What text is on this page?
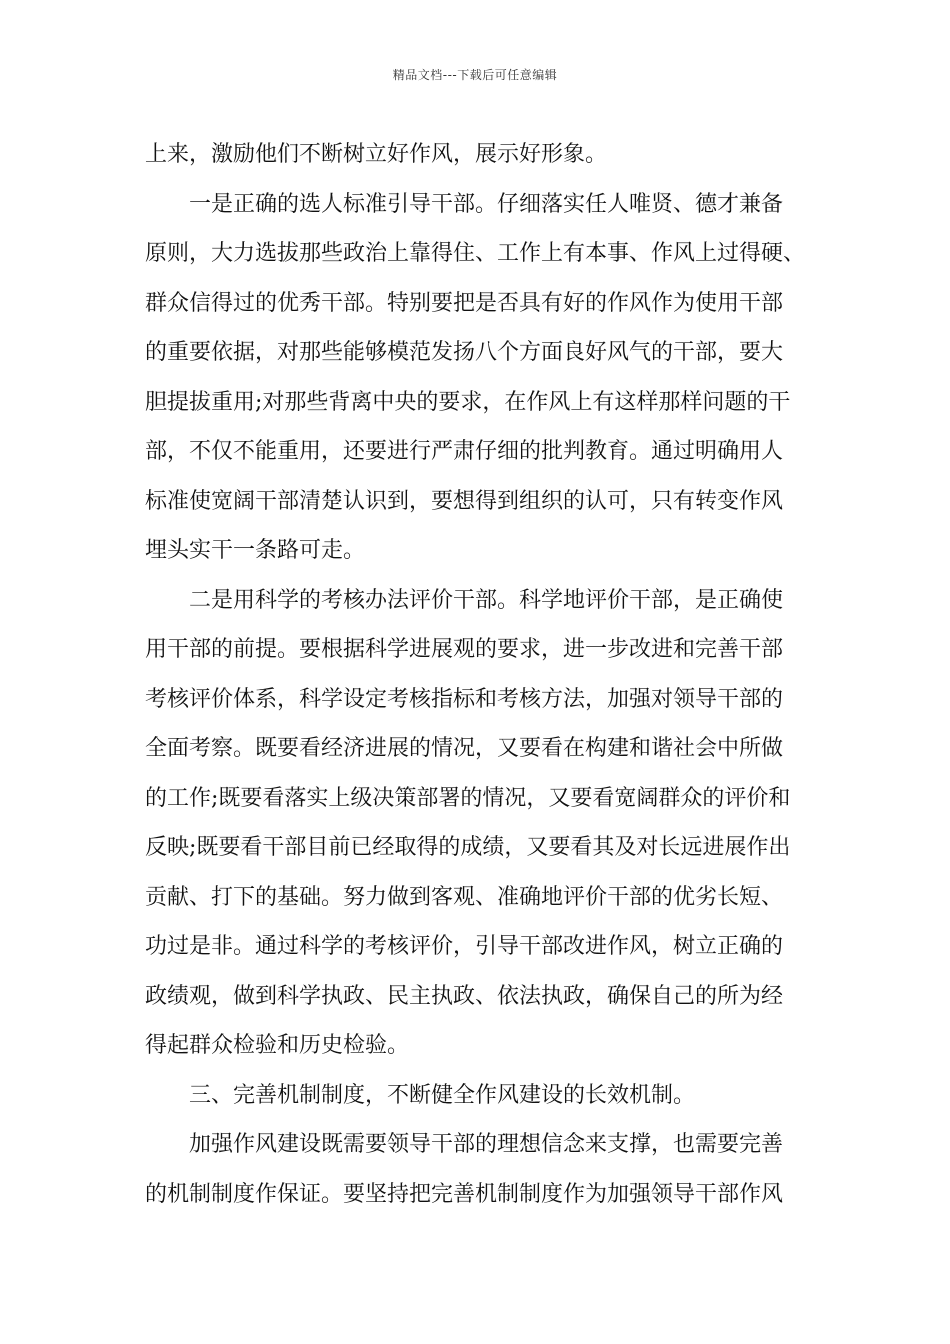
精品文档---下载后可任意编辑
上来，激励他们不断树立好作风，展示好形象。
一是正确的选人标准引导干部。仔细落实任人唯贤、德才兼备
原则，大力选拔那些政治上靠得住、工作上有本事、作风上过得硬、
群众信得过的优秀干部。特别要把是否具有好的作风作为使用干部
的重要依据，对那些能够模范发扬八个方面良好风气的干部，要大
胆提拔重用;对那些背离中央的要求，在作风上有这样那样问题的干
部，不仅不能重用，还要进行严肃仔细的批判教育。通过明确用人
标准使宽阔干部清楚认识到，要想得到组织的认可，只有转变作风
埋头实干一条路可走。
二是用科学的考核办法评价干部。科学地评价干部，是正确使
用干部的前提。要根据科学进展观的要求，进一步改进和完善干部
考核评价体系，科学设定考核指标和考核方法，加强对领导干部的
全面考察。既要看经济进展的情况，又要看在构建和谐社会中所做
的工作;既要看落实上级决策部署的情况，又要看宽阔群众的评价和
反映;既要看干部目前已经取得的成绩，又要看其及对长远进展作出
贡献、打下的基础。努力做到客观、准确地评价干部的优劣长短、
功过是非。通过科学的考核评价，引导干部改进作风，树立正确的
政绩观，做到科学执政、民主执政、依法执政，确保自己的所为经
得起群众检验和历史检验。
三、完善机制制度，不断健全作风建设的长效机制。
加强作风建设既需要领导干部的理想信念来支撑，也需要完善
的机制制度作保证。要坚持把完善机制制度作为加强领导干部作风
